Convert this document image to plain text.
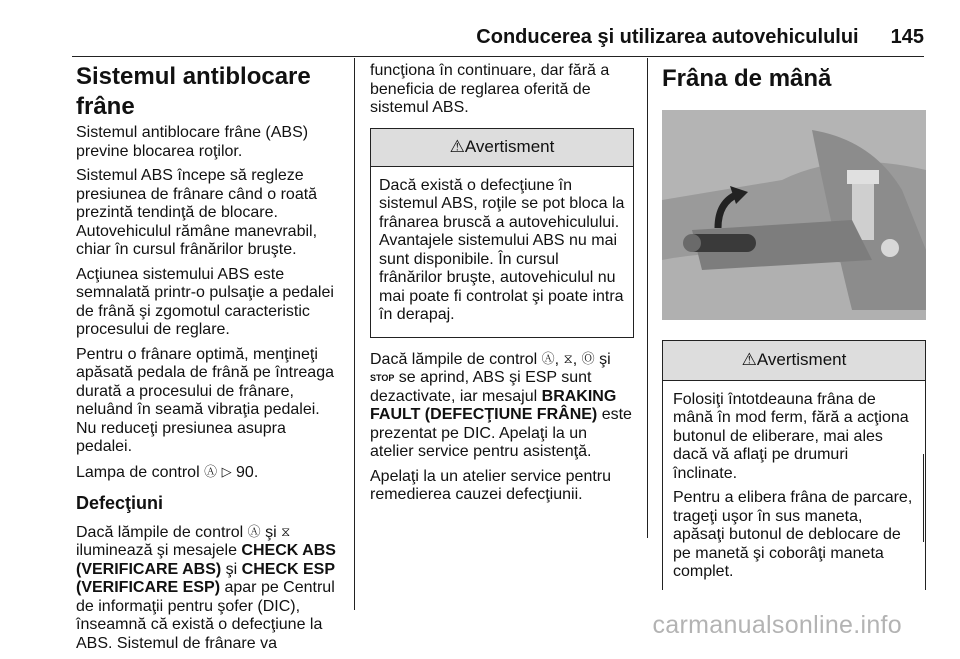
Conducerea şi utilizarea autovehiculului 145
Sistemul antiblocare frâne

Sistemul antiblocare frâne (ABS) previne blocarea roţilor.

Sistemul ABS începe să regleze presiunea de frânare când o roată prezintă tendinţă de blocare.
Autovehiculul rămâne manevrabil, chiar în cursul frânărilor bruşte.

Acţiunea sistemului ABS este semnalată printr-o pulsaţie a pedalei de frână şi zgomotul caracteristic procesului de reglare.

Pentru o frânare optimă, menţineţi apăsată pedala de frână pe întreaga durată a procesului de frânare, neluând în seamă vibraţia pedalei. Nu reduceţi presiunea asupra pedalei.

Lampa de control Ⓐ ▷ 90.

Defecţiuni

Dacă lămpile de control Ⓐ şi ⧖ iluminează şi mesajele CHECK ABS (VERIFICARE ABS) şi CHECK ESP (VERIFICARE ESP) apar pe Centrul de informaţii pentru şofer (DIC), înseamnă că există o defecţiune la ABS. Sistemul de frânare va

funcţiona în continuare, dar fără a beneficia de reglarea oferită de sistemul ABS.

⚠ Avertisment

Dacă există o defecţiune în sistemul ABS, roţile se pot bloca la frânarea bruscă a autovehiculului. Avantajele sistemului ABS nu mai sunt disponibile. În cursul frânărilor bruşte, autovehiculul nu mai poate fi controlat şi poate intra în derapaj.

Dacă lămpile de control Ⓐ, ⧖, Ⓞ şi STOP se aprind, ABS şi ESP sunt dezactivate, iar mesajul BRAKING FAULT (DEFECŢIUNE FRÂNE) este prezentat pe DIC. Apelaţi la un atelier service pentru asistenţă.

Apelaţi la un atelier service pentru remedierea cauzei defecţiunii.

Frâna de mână
⚠ Avertisment

Folosiţi întotdeauna frâna de mână în mod ferm, fără a acţiona butonul de eliberare, mai ales dacă vă aflaţi pe drumuri înclinate.

Pentru a elibera frâna de parcare, trageţi uşor în sus maneta, apăsaţi butonul de deblocare de pe manetă şi coborâţi maneta complet.

carmanualsonline.info
